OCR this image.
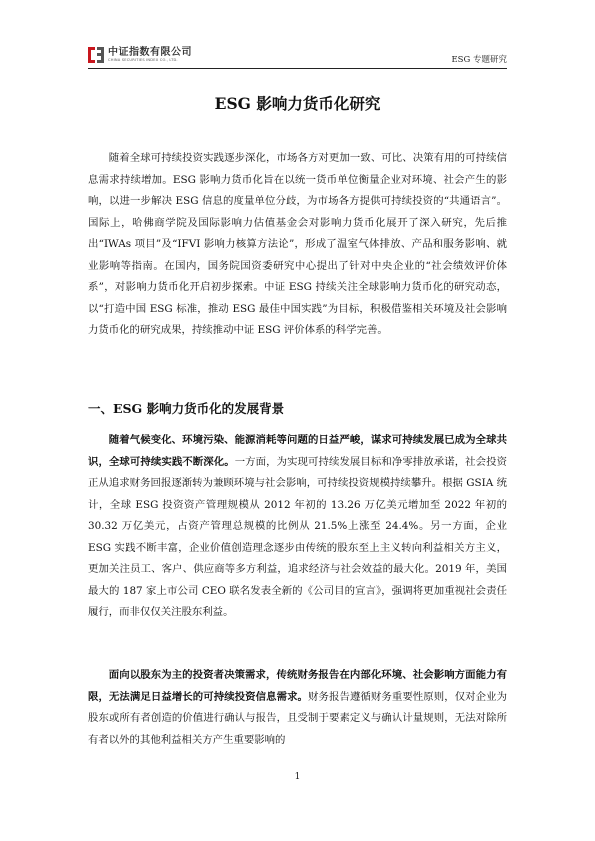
中证指数有限公司
CHINA SECURITIES INDEX CO., LTD.	ESG 专题研究
ESG 影响力货币化研究

随着全球可持续投资实践逐步深化，市场各方对更加一致、可比、决策有用的可持续信息需求持续增加。ESG 影响力货币化旨在以统一货币单位衡量企业对环境、社会产生的影响，以进一步解决 ESG 信息的度量单位分歧，为市场各方提供可持续投资的“共通语言”。国际上，哈佛商学院及国际影响力估值基金会对影响力货币化展开了深入研究，先后推出“IWAs 项目”及“IFVI 影响力核算方法论”，形成了温室气体排放、产品和服务影响、就业影响等指南。在国内，国务院国资委研究中心提出了针对中央企业的“社会绩效评价体系”，对影响力货币化开启初步探索。中证 ESG 持续关注全球影响力货币化的研究动态，以“打造中国 ESG 标准，推动 ESG 最佳中国实践”为目标，积极借鉴相关环境及社会影响力货币化的研究成果，持续推动中证 ESG 评价体系的科学完善。

一、ESG 影响力货币化的发展背景

随着气候变化、环境污染、能源消耗等问题的日益严峻，谋求可持续发展已成为全球共识，全球可持续实践不断深化。一方面，为实现可持续发展目标和净零排放承诺，社会投资正从追求财务回报逐渐转为兼顾环境与社会影响，可持续投资规模持续攀升。根据 GSIA 统计，全球 ESG 投资资产管理规模从 2012 年初的 13.26 万亿美元增加至 2022 年初的 30.32 万亿美元，占资产管理总规模的比例从 21.5%上涨至 24.4%。另一方面，企业 ESG 实践不断丰富，企业价值创造理念逐步由传统的股东至上主义转向利益相关方主义，更加关注员工、客户、供应商等多方利益，追求经济与社会效益的最大化。2019 年，美国最大的 187 家上市公司 CEO 联名发表全新的《公司目的宣言》，强调将更加重视社会责任履行，而非仅仅关注股东利益。

面向以股东为主的投资者决策需求，传统财务报告在内部化环境、社会影响方面能力有限，无法满足日益增长的可持续投资信息需求。财务报告遵循财务重要性原则，仅对企业为股东或所有者创造的价值进行确认与报告，且受制于要素定义与确认计量规则，无法对除所有者以外的其他利益相关方产生重要影响的

1
